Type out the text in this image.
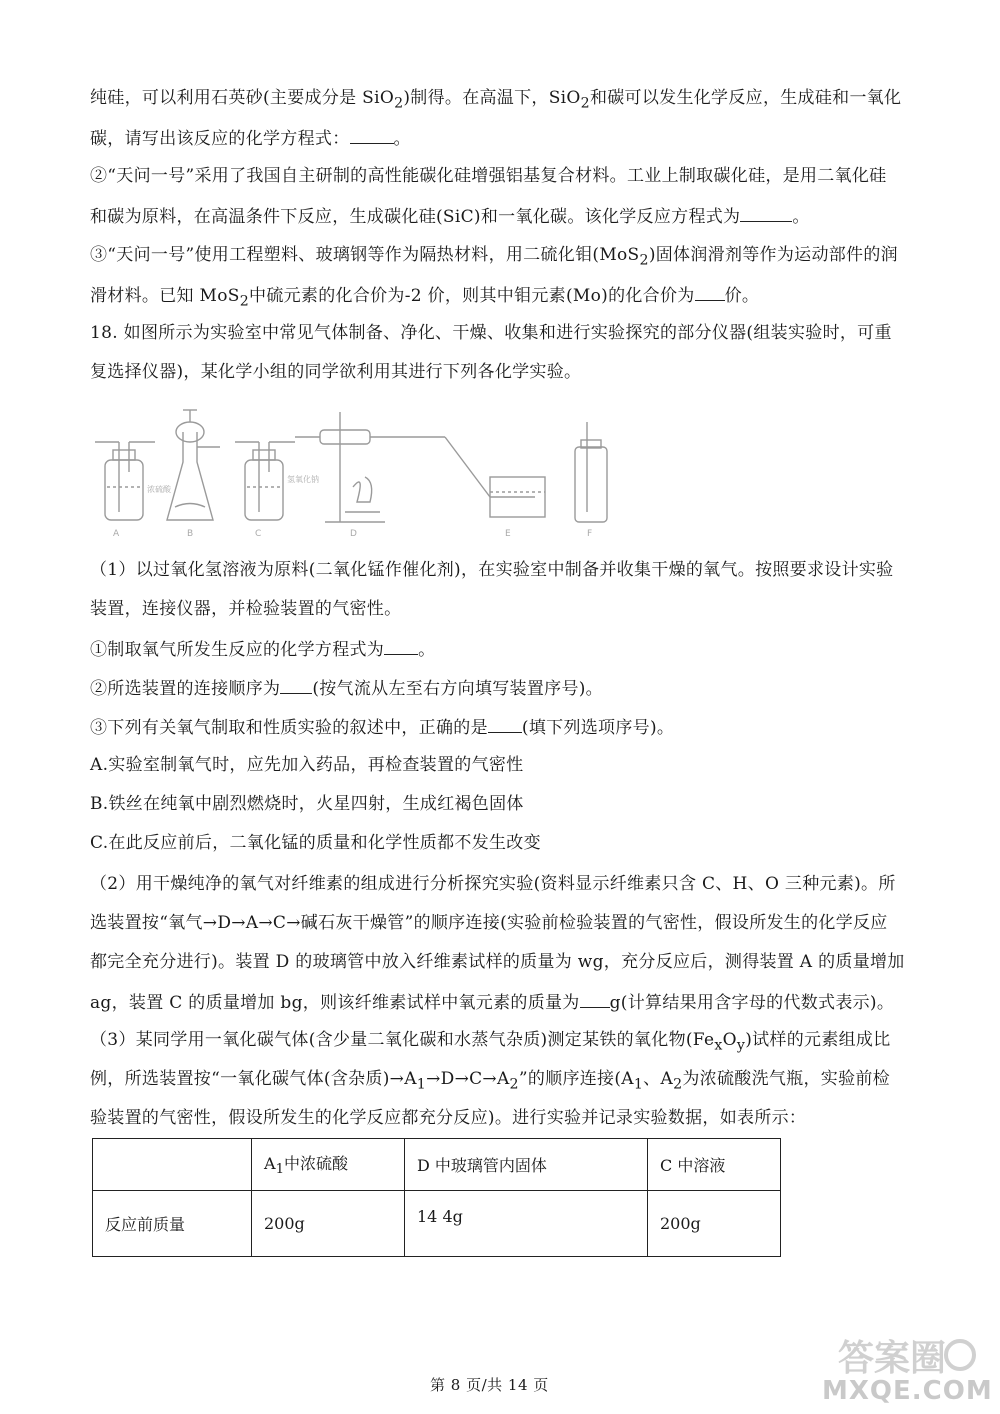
纯硅，可以利用石英砂(主要成分是 SiO$_2$)制得。在高温下，SiO$_2$和碳可以发生化学反应，生成硅和一氧化
碳，请写出该反应的化学方程式：	。
②“天问一号”采用了我国自主研制的高性能碳化硅增强铝基复合材料。工业上制取碳化硅，是用二氧化硅
和碳为原料，在高温条件下反应，生成碳化硅(SiC)和一氧化碳。该化学反应方程式为	。
③“天问一号”使用工程塑料、玻璃钢等作为隔热材料，用二硫化钼(MoS$_2$)固体润滑剂等作为运动部件的润
滑材料。已知 MoS$_2$中硫元素的化合价为-2 价，则其中钼元素(Mo)的化合价为 价。
18. 如图所示为实验室中常见气体制备、净化、干燥、收集和进行实验探究的部分仪器(组装实验时，可重
复选择仪器)，某化学小组的同学欲利用其进行下列各化学实验。
浓硫酸
氢氧化钠
A	B	C	D	E	F
（1）以过氧化氢溶液为原料(二氧化锰作催化剂)，在实验室中制备并收集干燥的氧气。按照要求设计实验
装置，连接仪器，并检验装置的气密性。
①制取氧气所发生反应的化学方程式为 。
②所选装置的连接顺序为 (按气流从左至右方向填写装置序号)。
③下列有关氧气制取和性质实验的叙述中，正确的是 (填下列选项序号)。
A.实验室制氧气时，应先加入药品，再检查装置的气密性
B.铁丝在纯氧中剧烈燃烧时，火星四射，生成红褐色固体
C.在此反应前后，二氧化锰的质量和化学性质都不发生改变
（2）用干燥纯净的氧气对纤维素的组成进行分析探究实验(资料显示纤维素只含 C、H、O 三种元素)。所
选装置按“氧气→D→A→C→碱石灰干燥管”的顺序连接(实验前检验装置的气密性，假设所发生的化学反应
都完全充分进行)。装置 D 的玻璃管中放入纤维素试样的质量为 wg，充分反应后，测得装置 A 的质量增加
ag，装置 C 的质量增加 bg，则该纤维素试样中氧元素的质量为 g(计算结果用含字母的代数式表示)。
（3）某同学用一氧化碳气体(含少量二氧化碳和水蒸气杂质)测定某铁的氧化物$(Fe_xO_y)$试样的元素组成比
例，所选装置按“一氧化碳气体(含杂质)$\to A_1\to D\to C\to A_2$”的顺序连接($A_1$、$A_2$为浓硫酸洗气瓶，实验前检
验装置的气密性，假设所发生的化学反应都充分反应)。进行实验并记录实验数据，如表所示：
	$A_1$中浓硫酸	D 中玻璃管内固体	C 中溶液
反应前质量	200g	14 4g	200g
第 8 页/共 14 页
答案圈
MXQE.COM
